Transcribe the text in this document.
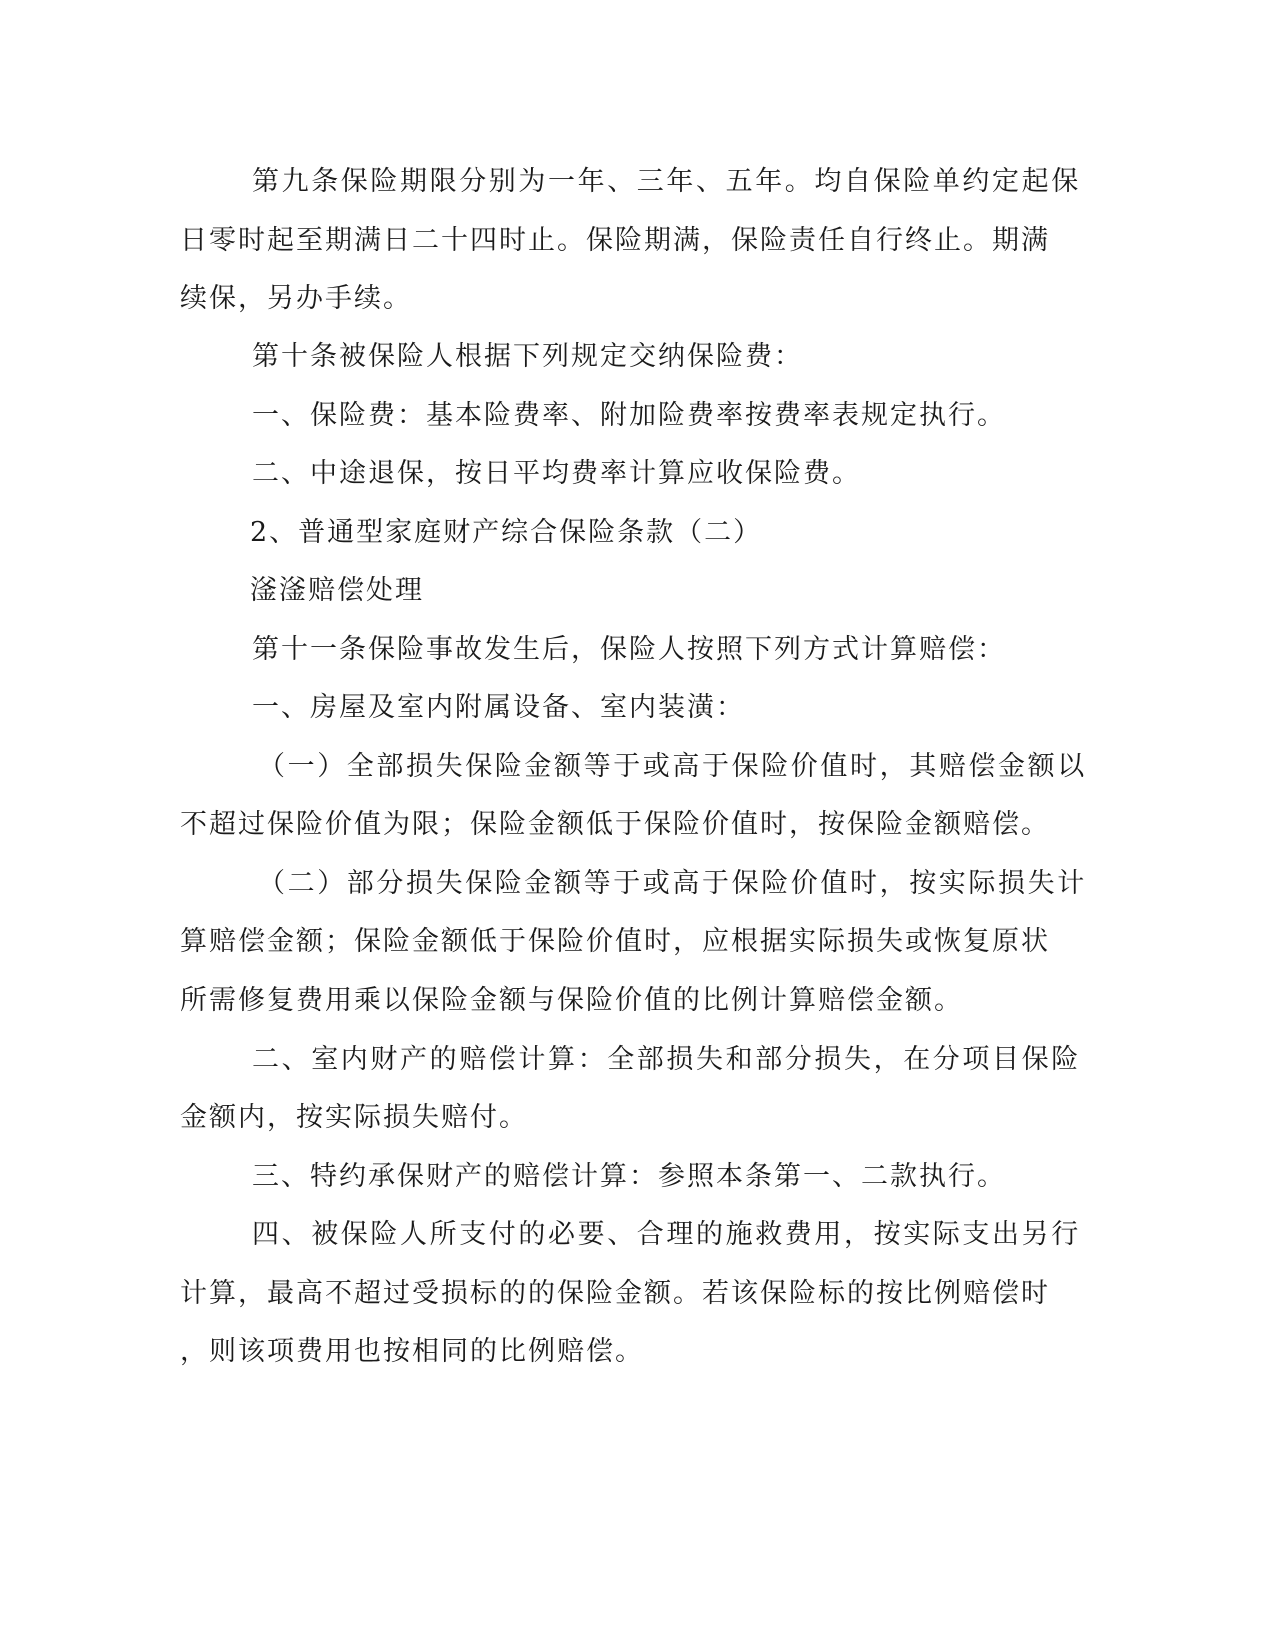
第九条保险期限分别为一年、三年、五年。均自保险单约定起保
日零时起至期满日二十四时止。保险期满，保险责任自行终止。期满
续保，另办手续。
第十条被保险人根据下列规定交纳保险费：
一、保险费：基本险费率、附加险费率按费率表规定执行。
二、中途退保，按日平均费率计算应收保险费。
2、普通型家庭财产综合保险条款（二）
滏滏赔偿处理
第十一条保险事故发生后，保险人按照下列方式计算赔偿：
一、房屋及室内附属设备、室内装潢：
（一）全部损失保险金额等于或高于保险价值时，其赔偿金额以
不超过保险价值为限；保险金额低于保险价值时，按保险金额赔偿。
（二）部分损失保险金额等于或高于保险价值时，按实际损失计
算赔偿金额；保险金额低于保险价值时，应根据实际损失或恢复原状
所需修复费用乘以保险金额与保险价值的比例计算赔偿金额。
二、室内财产的赔偿计算：全部损失和部分损失，在分项目保险
金额内，按实际损失赔付。
三、特约承保财产的赔偿计算：参照本条第一、二款执行。
四、被保险人所支付的必要、合理的施救费用，按实际支出另行
计算，最高不超过受损标的的保险金额。若该保险标的按比例赔偿时
，则该项费用也按相同的比例赔偿。
